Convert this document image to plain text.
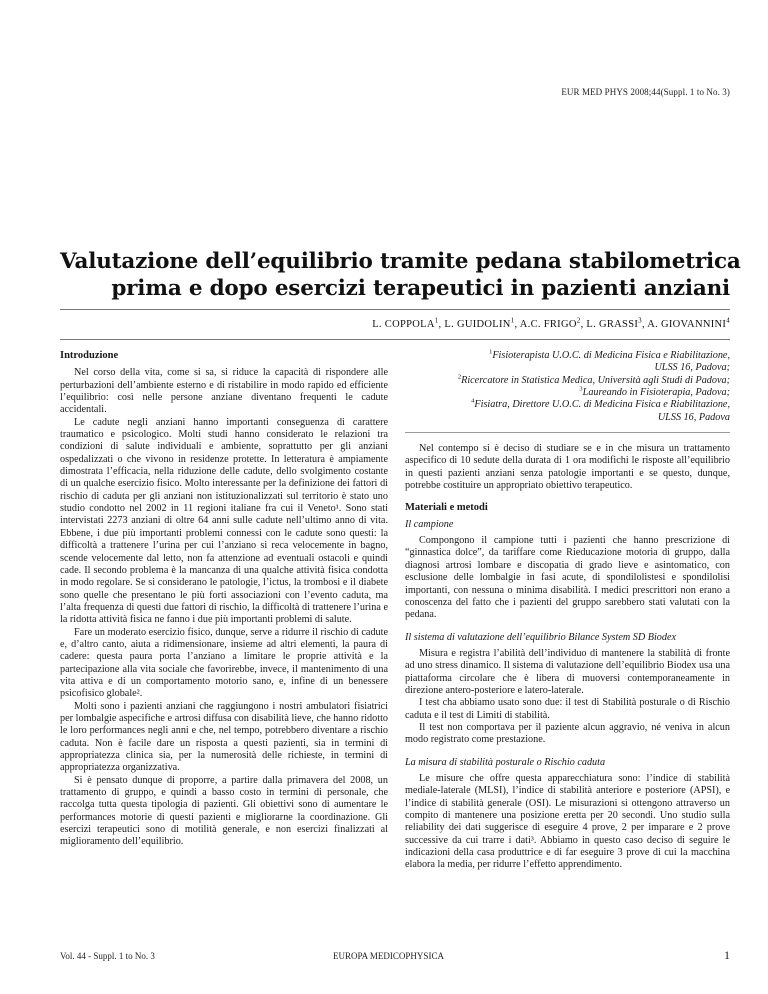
EUR MED PHYS 2008;44(Suppl. 1 to No. 3)
Valutazione dell’equilibrio tramite pedana stabilometrica
prima e dopo esercizi terapeutici in pazienti anziani
L. COPPOLA$^1$, L. GUIDOLIN$^1$, A.C. FRIGO$^2$, L. GRASSI$^3$, A. GIOVANNINI$^4$
Introduzione

Nel corso della vita, come si sa, si riduce la capacità di rispondere alle perturbazioni dell’ambiente esterno e di ristabilire in modo rapido ed efficiente l’equilibrio: così nelle persone anziane diventano frequenti le cadute accidentali.

Le cadute negli anziani hanno importanti conseguenza di carattere traumatico e psicologico. Molti studi hanno considerato le relazioni tra condizioni di salute individuali e ambiente, soprattutto per gli anziani ospedalizzati o che vivono in residenze protette. In letteratura è ampiamente dimostrata l’efficacia, nella riduzione delle cadute, dello svolgimento costante di un qualche esercizio fisico. Molto interessante per la definizione dei fattori di rischio di caduta per gli anziani non istituzionalizzati sul territorio è stato uno studio condotto nel 2002 in 11 regioni italiane fra cui il Veneto¹. Sono stati intervistati 2273 anziani di oltre 64 anni sulle cadute nell’ultimo anno di vita. Ebbene, i due più importanti problemi connessi con le cadute sono questi: la difficoltà a trattenere l’urina per cui l’anziano si reca velocemente in bagno, scende velocemente dal letto, non fa attenzione ad eventuali ostacoli e quindi cade. Il secondo problema è la mancanza di una qualche attività fisica condotta in modo regolare. Se si considerano le patologie, l’ictus, la trombosi e il diabete sono quelle che presentano le più forti associazioni con l’evento caduta, ma l’alta frequenza di questi due fattori di rischio, la difficoltà di trattenere l’urina e la ridotta attività fisica ne fanno i due più importanti problemi di salute.

Fare un moderato esercizio fisico, dunque, serve a ridurre il rischio di cadute e, d’altro canto, aiuta a ridimensionare, insieme ad altri elementi, la paura di cadere: questa paura porta l’anziano a limitare le proprie attività e la partecipazione alla vita sociale che favorirebbe, invece, il mantenimento di una vita attiva e di un comportamento motorio sano, e, infine di un benessere psicofisico globale².

Molti sono i pazienti anziani che raggiungono i nostri ambulatori fisiatrici per lombalgie aspecifiche e artrosi diffusa con disabilità lieve, che hanno ridotto le loro performances negli anni e che, nel tempo, potrebbero diventare a rischio caduta. Non è facile dare un risposta a questi pazienti, sia in termini di appropriatezza clinica sia, per la numerosità delle richieste, in termini di appropriatezza organizzativa.

Si è pensato dunque di proporre, a partire dalla primavera del 2008, un trattamento di gruppo, e quindi a basso costo in termini di personale, che raccolga tutta questa tipologia di pazienti. Gli obiettivi sono di aumentare le performances motorie di questi pazienti e migliorarne la coordinazione. Gli esercizi terapeutici sono di motilità generale, e non esercizi finalizzati al miglioramento dell’equilibrio.

$^1$Fisioterapista U.O.C. di Medicina Fisica e Riabilitazione,
ULSS 16, Padova;
$^2$Ricercatore in Statistica Medica, Università agli Studi di Padova;
$^3$Laureando in Fisioterapia, Padova;
$^4$Fisiatra, Direttore U.O.C. di Medicina Fisica e Riabilitazione,
ULSS 16, Padova

Nel contempo si è deciso di studiare se e in che misura un trattamento aspecifico di 10 sedute della durata di 1 ora modifichi le risposte all’equilibrio in questi pazienti anziani senza patologie importanti e se questo, dunque, potrebbe costituire un appropriato obiettivo terapeutico.

Materiali e metodi
Il campione

Compongono il campione tutti i pazienti che hanno prescrizione di “ginnastica dolce”, da tariffare come Rieducazione motoria di gruppo, dalla diagnosi artrosi lombare e discopatia di grado lieve e asintomatico, con esclusione delle lombalgie in fasi acute, di spondilolistesi e spondilolisi importanti, con nessuna o minima disabilità. I medici prescrittori non erano a conoscenza del fatto che i pazienti del gruppo sarebbero stati valutati con la pedana.

Il sistema di valutazione dell’equilibrio Bilance System SD Biodex

Misura e registra l’abilità dell’individuo di mantenere la stabilità di fronte ad uno stress dinamico. Il sistema di valutazione dell’equilibrio Biodex usa una piattaforma circolare che è libera di muoversi contemporaneamente in direzione antero-posteriore e latero-laterale.

I test cha abbiamo usato sono due: il test di Stabilità posturale o di Rischio caduta e il test di Limiti di stabilità.

Il test non comportava per il paziente alcun aggravio, né veniva in alcun modo registrato come prestazione.

La misura di stabilità posturale o Rischio caduta

Le misure che offre questa apparecchiatura sono: l’indice di stabilità mediale-laterale (MLSI), l’indice di stabilità anteriore e posteriore (APSI), e l’indice di stabilità generale (OSI). Le misurazioni si ottengono attraverso un compito di mantenere una posizione eretta per 20 secondi. Uno studio sulla reliability dei dati suggerisce di eseguire 4 prove, 2 per imparare e 2 prove successive da cui trarre i dati³. Abbiamo in questo caso deciso di seguire le indicazioni della casa produttrice e di far eseguire 3 prove di cui la macchina elabora la media, per ridurre l’effetto apprendimento.

Vol. 44 - Suppl. 1 to No. 3	EUROPA MEDICOPHYSICA	1
